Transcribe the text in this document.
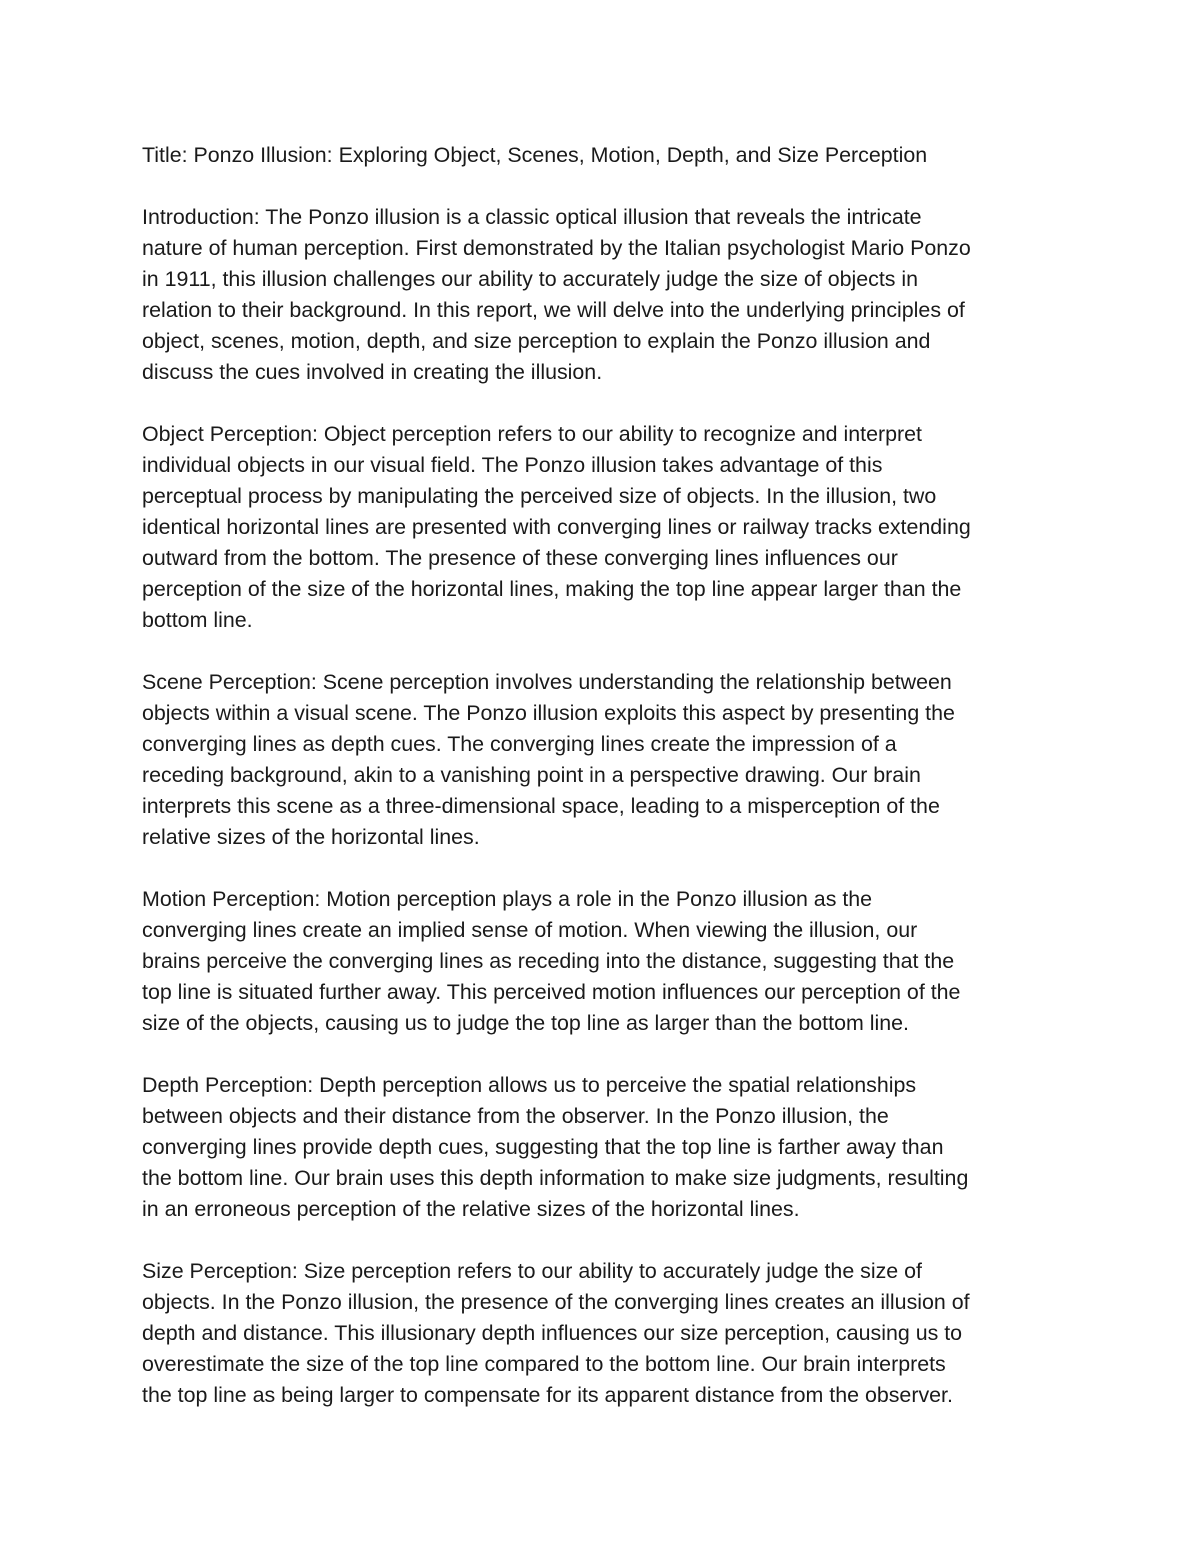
Title: Ponzo Illusion: Exploring Object, Scenes, Motion, Depth, and Size Perception
Introduction: The Ponzo illusion is a classic optical illusion that reveals the intricate
nature of human perception. First demonstrated by the Italian psychologist Mario Ponzo
in 1911, this illusion challenges our ability to accurately judge the size of objects in
relation to their background. In this report, we will delve into the underlying principles of
object, scenes, motion, depth, and size perception to explain the Ponzo illusion and
discuss the cues involved in creating the illusion.
Object Perception: Object perception refers to our ability to recognize and interpret
individual objects in our visual field. The Ponzo illusion takes advantage of this
perceptual process by manipulating the perceived size of objects. In the illusion, two
identical horizontal lines are presented with converging lines or railway tracks extending
outward from the bottom. The presence of these converging lines influences our
perception of the size of the horizontal lines, making the top line appear larger than the
bottom line.
Scene Perception: Scene perception involves understanding the relationship between
objects within a visual scene. The Ponzo illusion exploits this aspect by presenting the
converging lines as depth cues. The converging lines create the impression of a
receding background, akin to a vanishing point in a perspective drawing. Our brain
interprets this scene as a three-dimensional space, leading to a misperception of the
relative sizes of the horizontal lines.
Motion Perception: Motion perception plays a role in the Ponzo illusion as the
converging lines create an implied sense of motion. When viewing the illusion, our
brains perceive the converging lines as receding into the distance, suggesting that the
top line is situated further away. This perceived motion influences our perception of the
size of the objects, causing us to judge the top line as larger than the bottom line.
Depth Perception: Depth perception allows us to perceive the spatial relationships
between objects and their distance from the observer. In the Ponzo illusion, the
converging lines provide depth cues, suggesting that the top line is farther away than
the bottom line. Our brain uses this depth information to make size judgments, resulting
in an erroneous perception of the relative sizes of the horizontal lines.
Size Perception: Size perception refers to our ability to accurately judge the size of
objects. In the Ponzo illusion, the presence of the converging lines creates an illusion of
depth and distance. This illusionary depth influences our size perception, causing us to
overestimate the size of the top line compared to the bottom line. Our brain interprets
the top line as being larger to compensate for its apparent distance from the observer.
